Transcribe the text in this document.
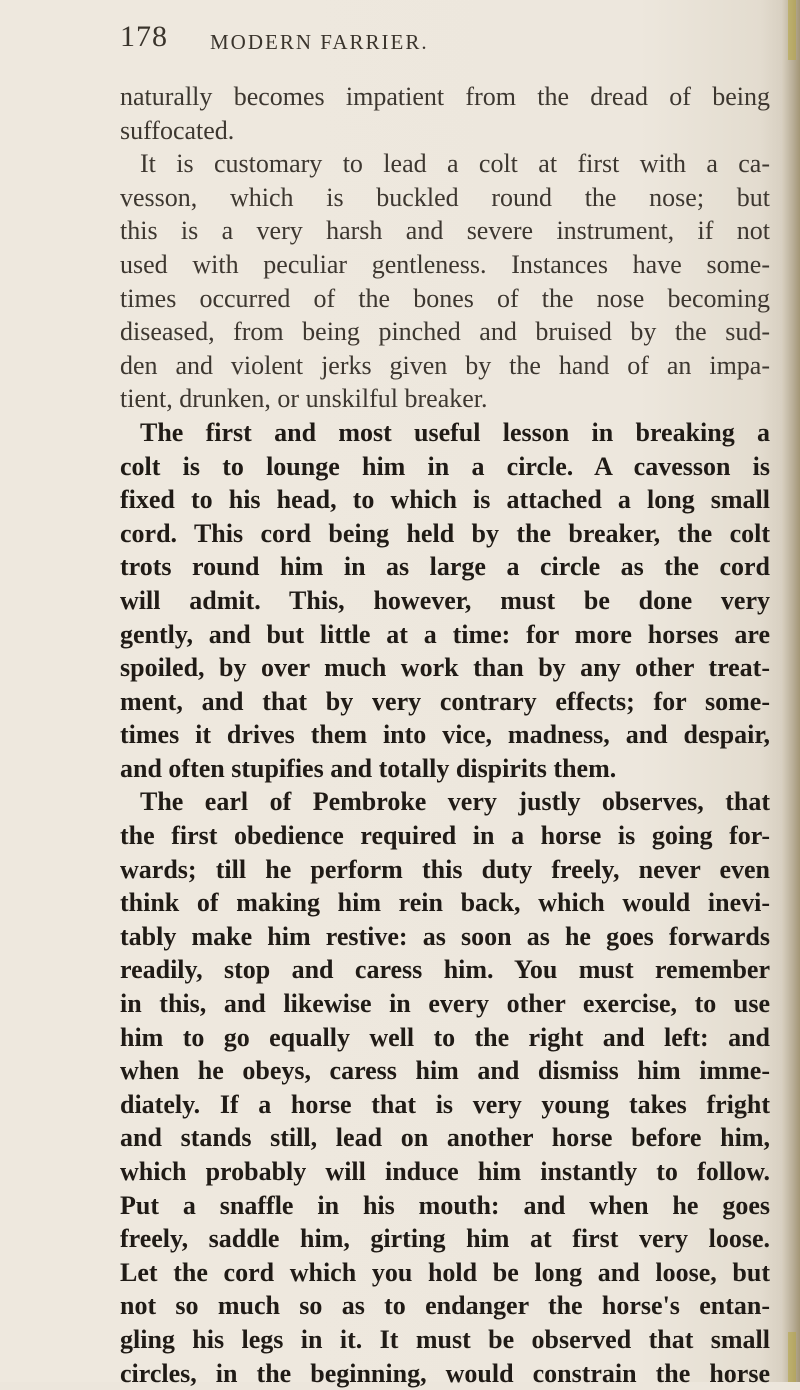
178 MODERN FARRIER.
naturally becomes impatient from the dread of being
suffocated.
It is customary to lead a colt at first with a ca-
vesson, which is buckled round the nose; but
this is a very harsh and severe instrument, if not
used with peculiar gentleness. Instances have some-
times occurred of the bones of the nose becoming
diseased, from being pinched and bruised by the sud-
den and violent jerks given by the hand of an impa-
tient, drunken, or unskilful breaker.
The first and most useful lesson in breaking a
colt is to lounge him in a circle. A cavesson is
fixed to his head, to which is attached a long small
cord. This cord being held by the breaker, the colt
trots round him in as large a circle as the cord
will admit. This, however, must be done very
gently, and but little at a time: for more horses are
spoiled, by over much work than by any other treat-
ment, and that by very contrary effects; for some-
times it drives them into vice, madness, and despair,
and often stupifies and totally dispirits them.
The earl of Pembroke very justly observes, that
the first obedience required in a horse is going for-
wards; till he perform this duty freely, never even
think of making him rein back, which would inevi-
tably make him restive: as soon as he goes forwards
readily, stop and caress him. You must remember
in this, and likewise in every other exercise, to use
him to go equally well to the right and left: and
when he obeys, caress him and dismiss him imme-
diately. If a horse that is very young takes fright
and stands still, lead on another horse before him,
which probably will induce him instantly to follow.
Put a snaffle in his mouth: and when he goes
freely, saddle him, girting him at first very loose.
Let the cord which you hold be long and loose, but
not so much so as to endanger the horse's entan-
gling his legs in it. It must be observed that small
circles, in the beginning, would constrain the horse
